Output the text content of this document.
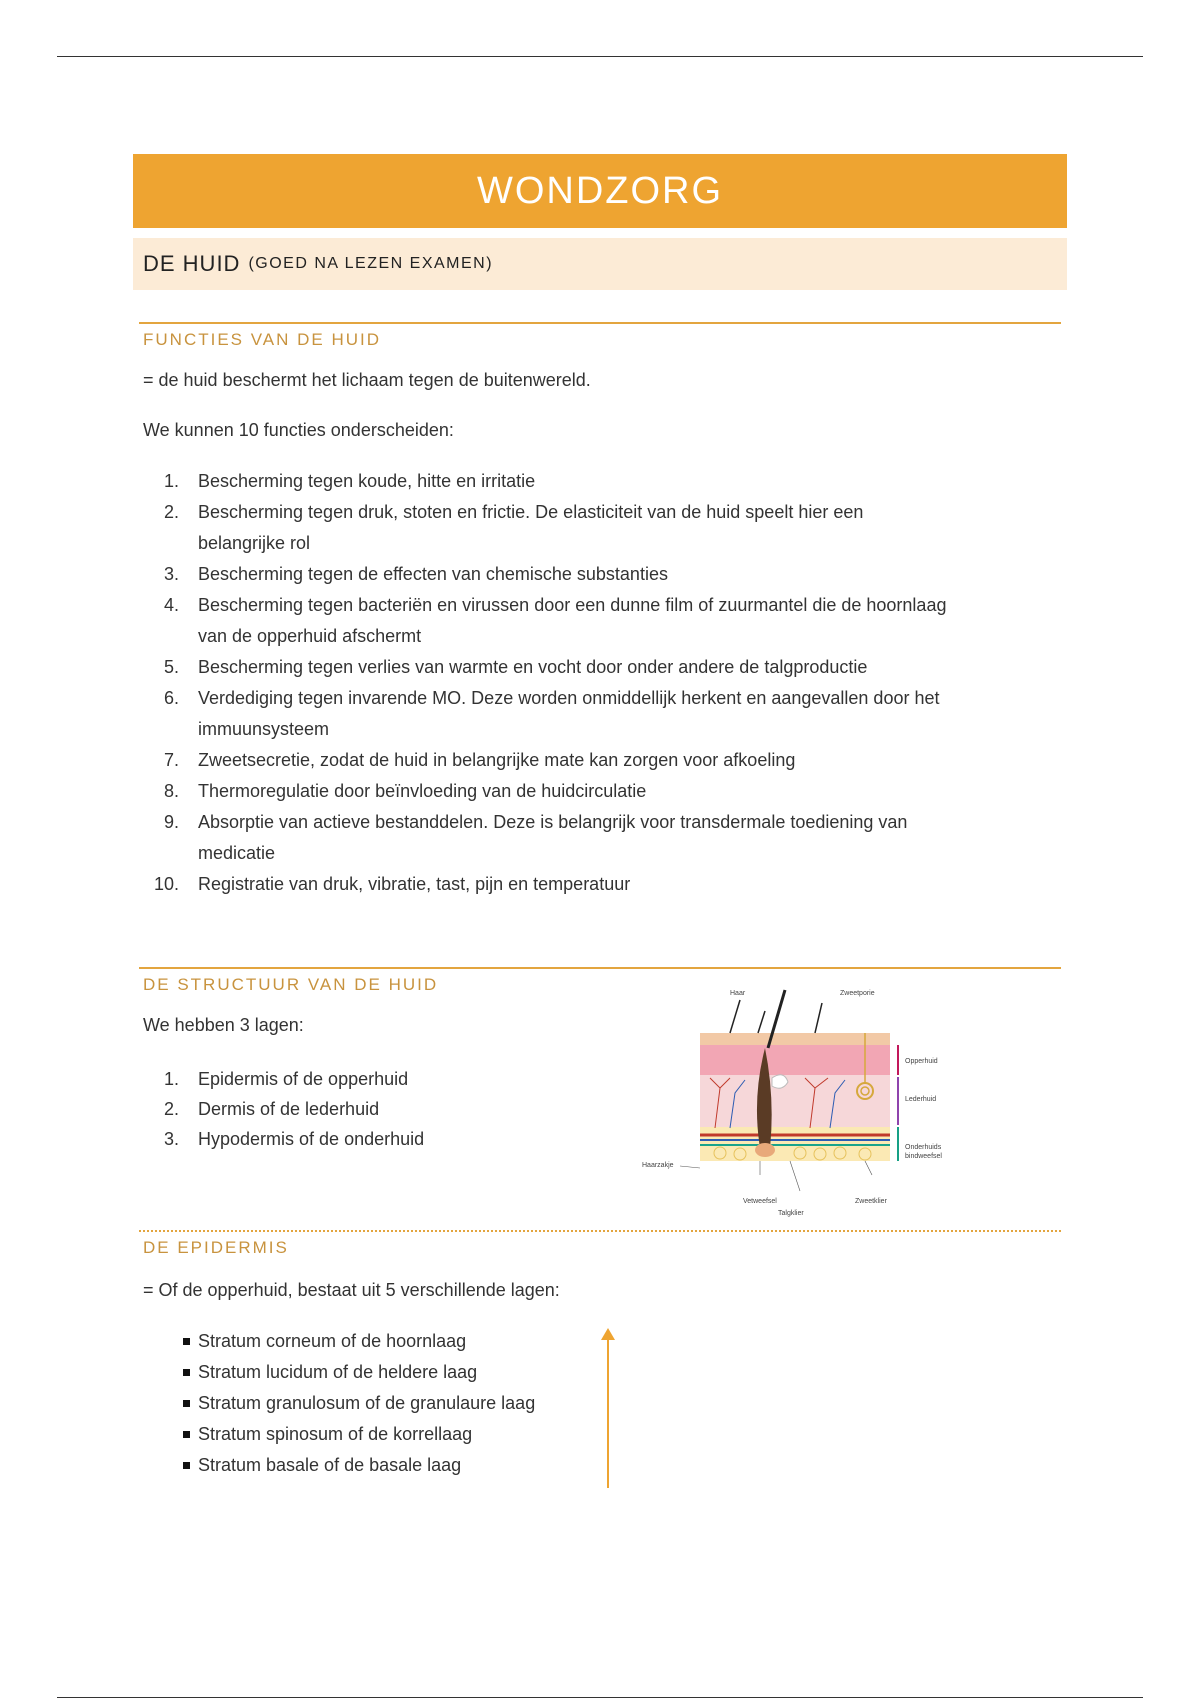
WONDZORG
DE HUID (GOED NA LEZEN EXAMEN)
FUNCTIES VAN DE HUID
= de huid beschermt het lichaam tegen de buitenwereld.
We kunnen 10 functies onderscheiden:
1.	Bescherming tegen koude, hitte en irritatie
2.	Bescherming tegen druk, stoten en frictie. De elasticiteit van de huid speelt hier een
belangrijke rol
3.	Bescherming tegen de effecten van chemische substanties
4.	Bescherming tegen bacteriën en virussen door een dunne film of zuurmantel die de hoornlaag
van de opperhuid afschermt
5.	Bescherming tegen verlies van warmte en vocht door onder andere de talgproductie
6.	Verdediging tegen invarende MO. Deze worden onmiddellijk herkent en aangevallen door het
immuunsysteem
7.	Zweetsecretie, zodat de huid in belangrijke mate kan zorgen voor afkoeling
8.	Thermoregulatie door beïnvloeding van de huidcirculatie
9.	Absorptie van actieve bestanddelen. Deze is belangrijk voor transdermale toediening van
medicatie
10.	Registratie van druk, vibratie, tast, pijn en temperatuur
DE STRUCTUUR VAN DE HUID
We hebben 3 lagen:
1.	Epidermis of de opperhuid
2.	Dermis of de lederhuid
3.	Hypodermis of de onderhuid
Haar	Zweetporie
Opperhuid
Lederhuid
Onderhuids
bindweefsel
Haarzakje
Vetweefsel
Talgklier
Zweetklier
DE EPIDERMIS
= Of de opperhuid, bestaat uit 5 verschillende lagen:
Stratum corneum of de hoornlaag
Stratum lucidum of de heldere laag
Stratum granulosum of de granulaure laag
Stratum spinosum of de korrellaag
Stratum basale of de basale laag
